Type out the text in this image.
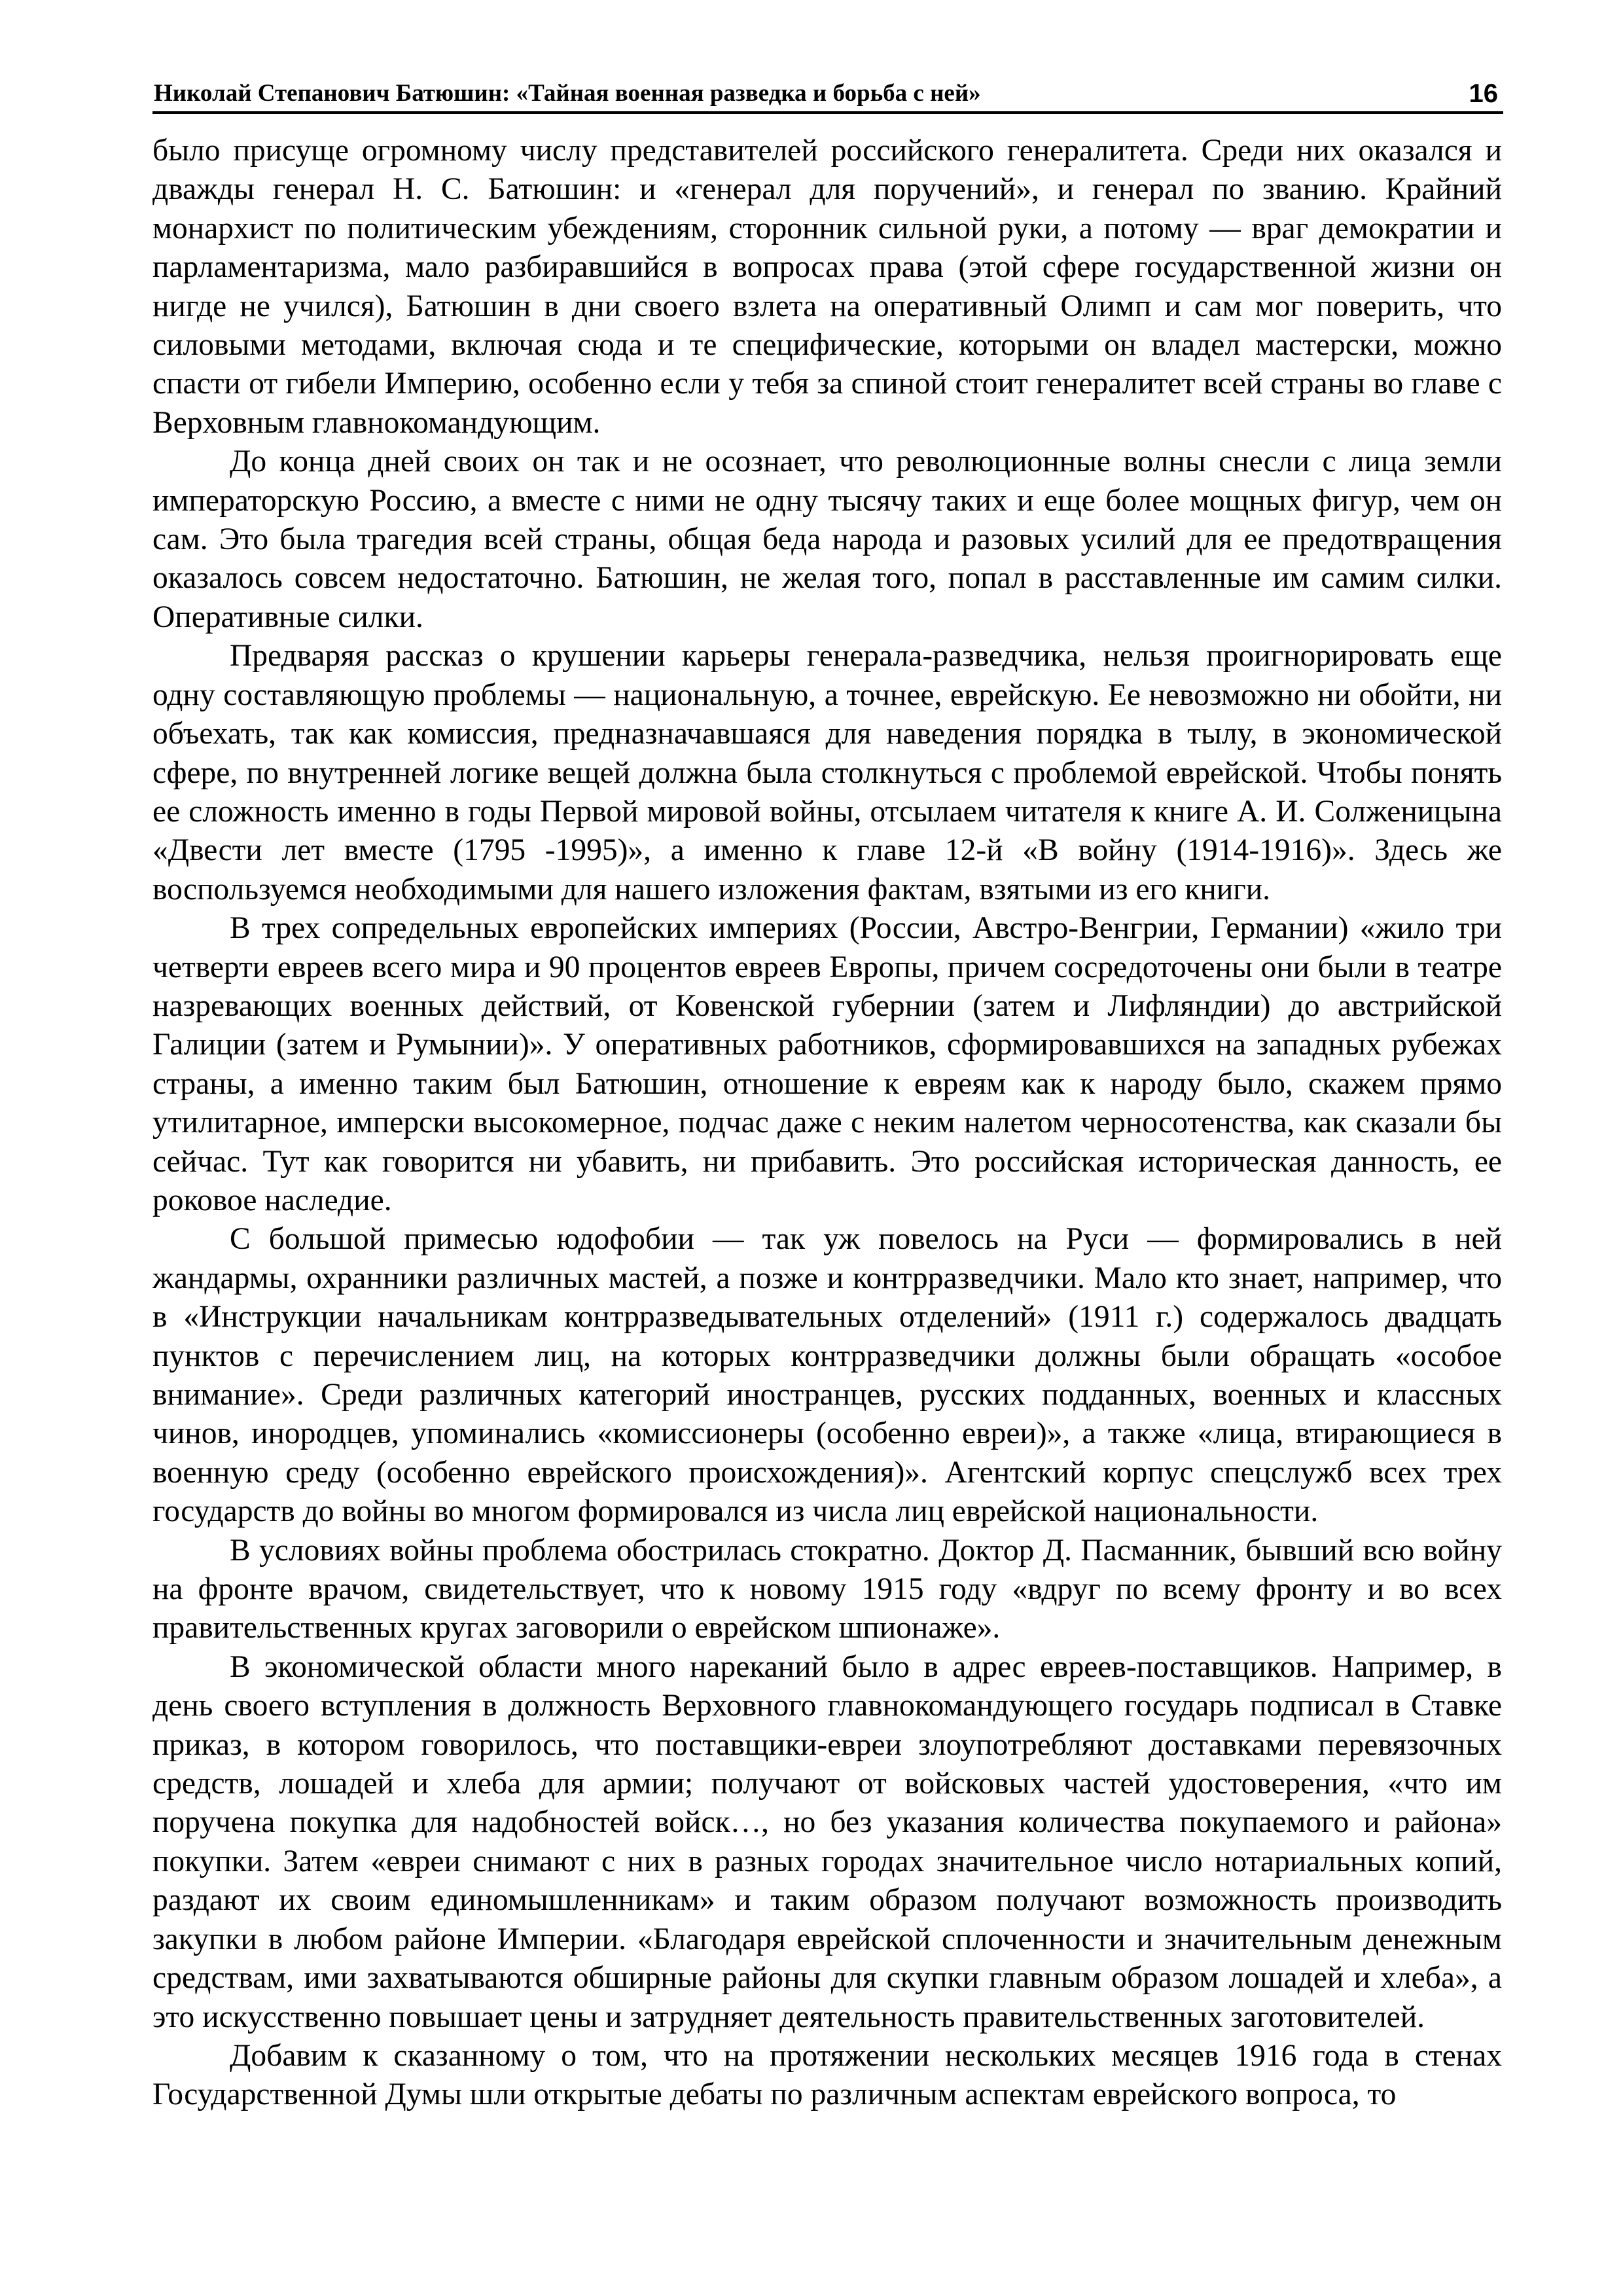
Николай Степанович Батюшин: «Тайная военная разведка и борьба с ней»	16

было присуще огромному числу представителей российского генералитета. Среди них оказался и дважды генерал Н. С. Батюшин: и «генерал для поручений», и генерал по званию. Крайний монархист по политическим убеждениям, сторонник сильной руки, а потому — враг демократии и парламентаризма, мало разбиравшийся в вопросах права (этой сфере государственной жизни он нигде не учился), Батюшин в дни своего взлета на оперативный Олимп и сам мог поверить, что силовыми методами, включая сюда и те специфические, которыми он владел мастерски, можно спасти от гибели Империю, особенно если у тебя за спиной стоит генералитет всей страны во главе с Верховным главнокомандующим.

До конца дней своих он так и не осознает, что революционные волны снесли с лица земли императорскую Россию, а вместе с ними не одну тысячу таких и еще более мощных фигур, чем он сам. Это была трагедия всей страны, общая беда народа и разовых усилий для ее предотвращения оказалось совсем недостаточно. Батюшин, не желая того, попал в расставленные им самим силки. Оперативные силки.

Предваряя рассказ о крушении карьеры генерала-разведчика, нельзя проигнорировать еще одну составляющую проблемы — национальную, а точнее, еврейскую. Ее невозможно ни обойти, ни объехать, так как комиссия, предназначавшаяся для наведения порядка в тылу, в экономической сфере, по внутренней логике вещей должна была столкнуться с проблемой еврейской. Чтобы понять ее сложность именно в годы Первой мировой войны, отсылаем читателя к книге А. И. Солженицына «Двести лет вместе (1795 -1995)», а именно к главе 12-й «В войну (1914-1916)». Здесь же воспользуемся необходимыми для нашего изложения фактам, взятыми из его книги.

В трех сопредельных европейских империях (России, Австро-Венгрии, Германии) «жило три четверти евреев всего мира и 90 процентов евреев Европы, причем сосредоточены они были в театре назревающих военных действий, от Ковенской губернии (затем и Лифляндии) до австрийской Галиции (затем и Румынии)». У оперативных работников, сформировавшихся на западных рубежах страны, а именно таким был Батюшин, отношение к евреям как к народу было, скажем прямо утилитарное, имперски высокомерное, подчас даже с неким налетом черносотенства, как сказали бы сейчас. Тут как говорится ни убавить, ни прибавить. Это российская историческая данность, ее роковое наследие.

С большой примесью юдофобии — так уж повелось на Руси — формировались в ней жандармы, охранники различных мастей, а позже и контрразведчики. Мало кто знает, например, что в «Инструкции начальникам контрразведывательных отделений» (1911 г.) содержалось двадцать пунктов с перечислением лиц, на которых контрразведчики должны были обращать «особое внимание». Среди различных категорий иностранцев, русских подданных, военных и классных чинов, инородцев, упоминались «комиссионеры (особенно евреи)», а также «лица, втирающиеся в военную среду (особенно еврейского происхождения)». Агентский корпус спецслужб всех трех государств до войны во многом формировался из числа лиц еврейской национальности.

В условиях войны проблема обострилась стократно. Доктор Д. Пасманник, бывший всю войну на фронте врачом, свидетельствует, что к новому 1915 году «вдруг по всему фронту и во всех правительственных кругах заговорили о еврейском шпионаже».

В экономической области много нареканий было в адрес евреев-поставщиков. Например, в день своего вступления в должность Верховного главнокомандующего государь подписал в Ставке приказ, в котором говорилось, что поставщики-евреи злоупотребляют доставками перевязочных средств, лошадей и хлеба для армии; получают от войсковых частей удостоверения, «что им поручена покупка для надобностей войск…, но без указания количества покупаемого и района» покупки. Затем «евреи снимают с них в разных городах значительное число нотариальных копий, раздают их своим единомышленникам» и таким образом получают возможность производить закупки в любом районе Империи. «Благодаря еврейской сплоченности и значительным денежным средствам, ими захватываются обширные районы для скупки главным образом лошадей и хлеба», а это искусственно повышает цены и затрудняет деятельность правительственных заготовителей.

Добавим к сказанному о том, что на протяжении нескольких месяцев 1916 года в стенах Государственной Думы шли открытые дебаты по различным аспектам еврейского вопроса, то
